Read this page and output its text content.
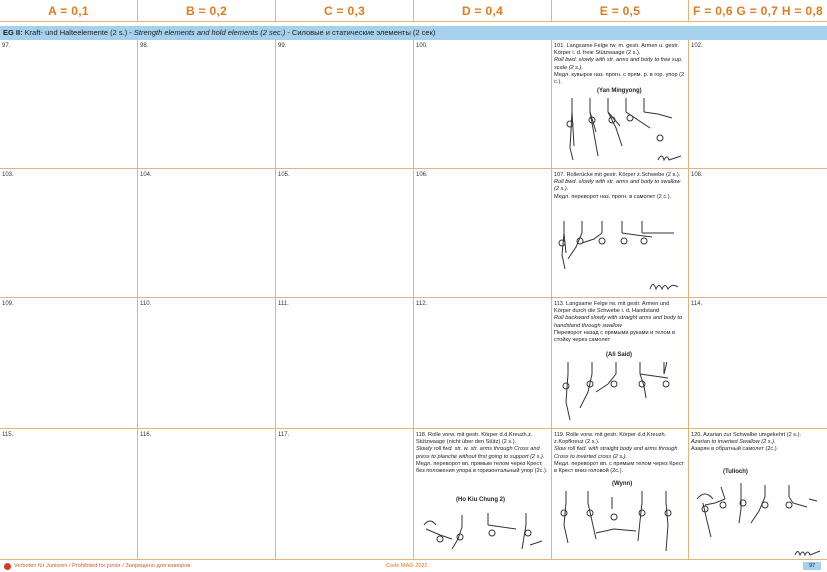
A = 0,1	B = 0,2	C = 0,3	D = 0,4	E = 0,5	F = 0,6 G = 0,7 H = 0,8
EG II: Kraft- und Halteelemente (2 s.) - Strength elements and hold elements (2 sec.) - Силовые и статические элементы (2 сек)
97.	98.	99.	100.	101. Langsame Felge rw. m. gestr. Armen u. gestr. Körper i. d. freie Stützwaage (2 s.).
Roll bwd. slowly with str. arms and body to free sup. scale (2 s.).
Медл. кувырок наз. прогн. с прям. р. в гор. упор (2 с.).
(Yan Mingyong)
102.
103.	104.	105.	106.	107. Rollerücke mit gestr. Körper z.Schwebe (2 s.).
Roll bwd. slowly with str. arms and body to swallow (2 s.).
Медл. переворот наз. прогн. в самолет (2 с.).
108.
109.	110.	111.	112.	113. Langsame Felge rw. mit gestr. Armen und Körper durch die Schwebe i. d. Handstand
Roll backward slowly with straight arms and body to handstand through swallow
Переворот назад с прямыми руками и телом в стойку через самолет
(Ali Said)
114.
115.	116.	117.	118. Rolle vorw. mit gestr. Körper d.d.Kreuzh.z. Stützwaage (nicht über den Stütz) (2 s.).
Slowly roll fwd. str. w. str. arms through Cross and press to planche without first going to support (2 s.).
Медл. переворот вп. прямым телом через Крест, без положения упора в горизонтальный упор (2с.).
(Ho Kiu Chung 2)
119. Rolle vorw. mit gestr. Körper d.d.Kreuzh. z.Kopfkreuz (2 s.).
Slow roll fwd. with straight body and arms through Cross to inverted cross (2 s.).
Медл. переворот вп. с прямым телом через Крест в Крест вниз головой (2с.).
(Wynn)
120. Azarian zur Schwalbe umgekehrt (2 s.).
Azarian to inverted Swallow (2 s.).
Азарян в обратный самолет (2с.).
(Tulloch)
Verboten für Junioren / Prohibited for junior / Запрещено для юниоров	Code MAG 2022	97
